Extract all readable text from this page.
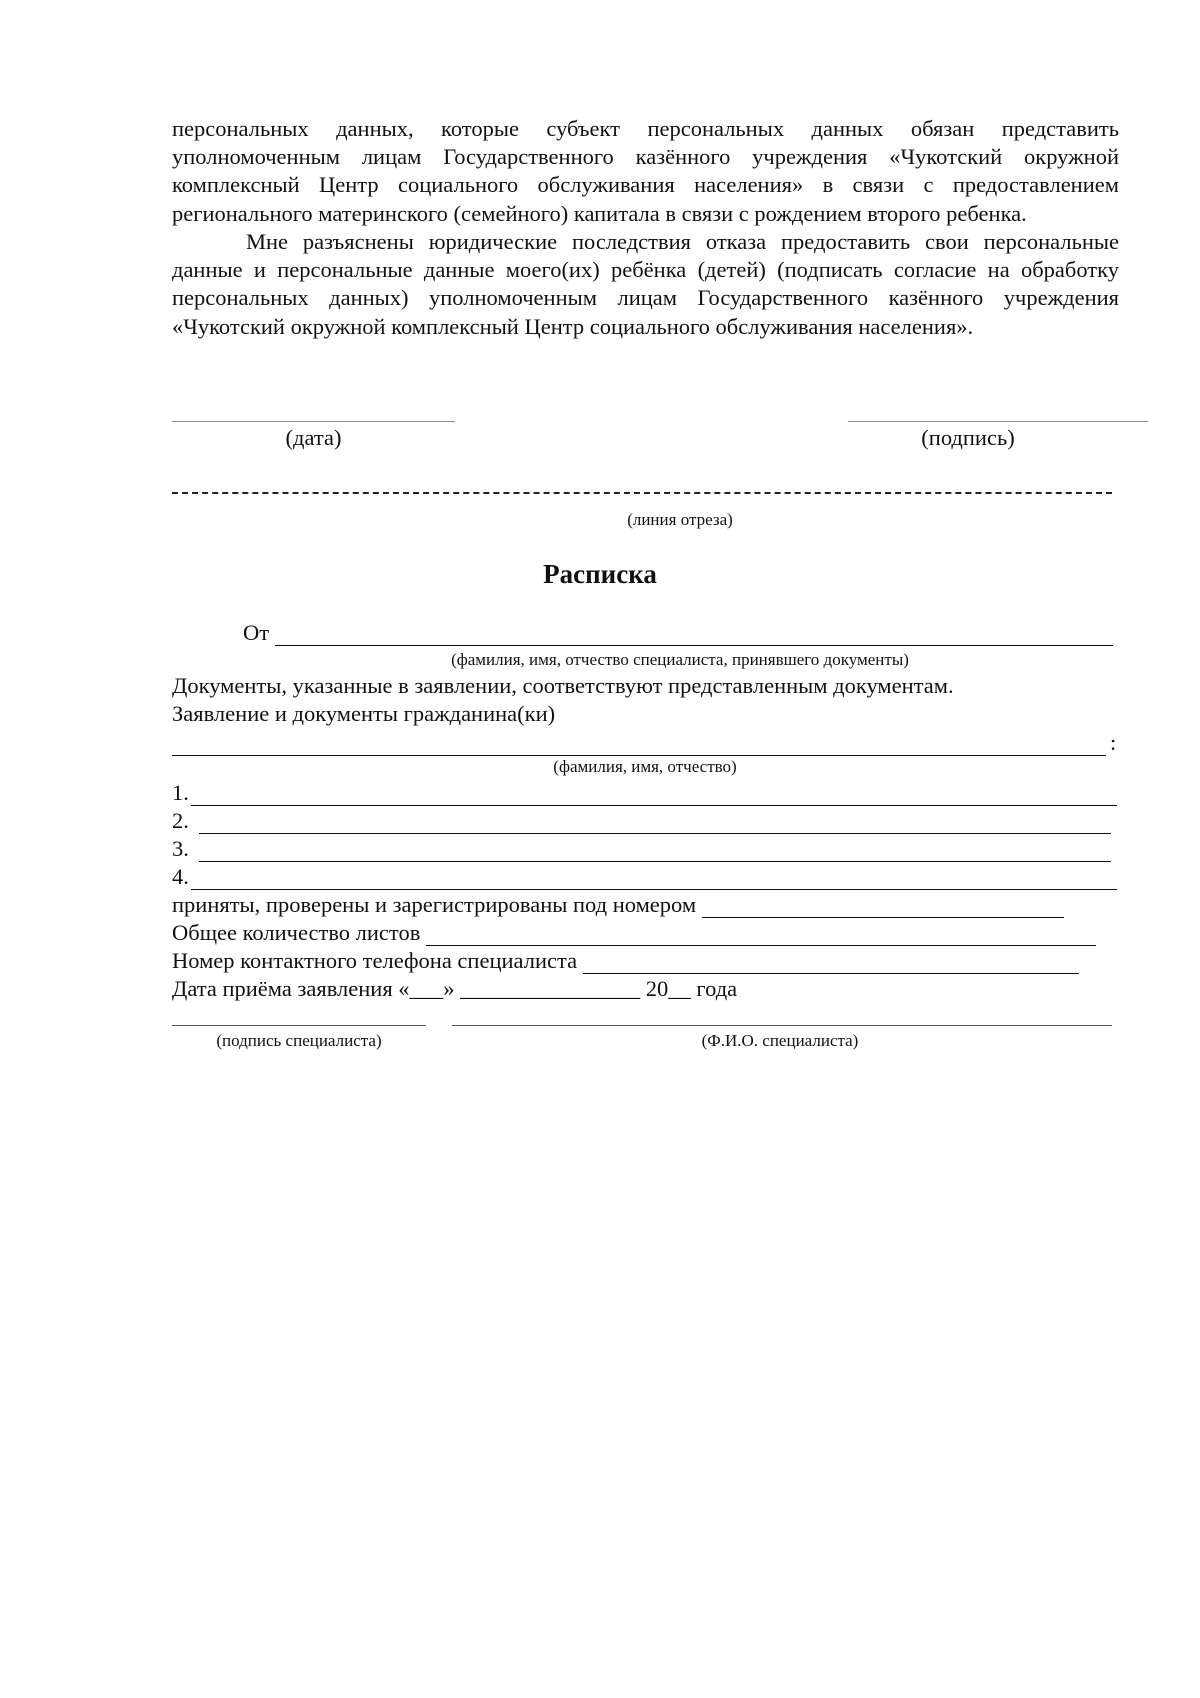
персональных данных, которые субъект персональных данных обязан представить уполномоченным лицам Государственного казённого учреждения «Чукотский окружной комплексный Центр социального обслуживания населения» в связи с предоставлением регионального материнского (семейного) капитала в связи с рождением второго ребенка.

Мне разъяснены юридические последствия отказа предоставить свои персональные данные и персональные данные моего(их) ребёнка (детей) (подписать согласие на обработку персональных данных) уполномоченным лицам Государственного казённого учреждения «Чукотский окружной комплексный Центр социального обслуживания населения».

(дата)	(подпись)
(линия отреза)
Расписка
От
(фамилия, имя, отчество специалиста, принявшего документы)
Документы, указанные в заявлении, соответствуют представленным документам.
Заявление и документы гражданина(ки)
:
(фамилия, имя, отчество)
1.
2.
3.
4.
приняты, проверены и зарегистрированы под номером
Общее количество листов
Номер контактного телефона специалиста
Дата приёма заявления «___» ________________ 20__ года
(подпись специалиста)	(Ф.И.О. специалиста)
